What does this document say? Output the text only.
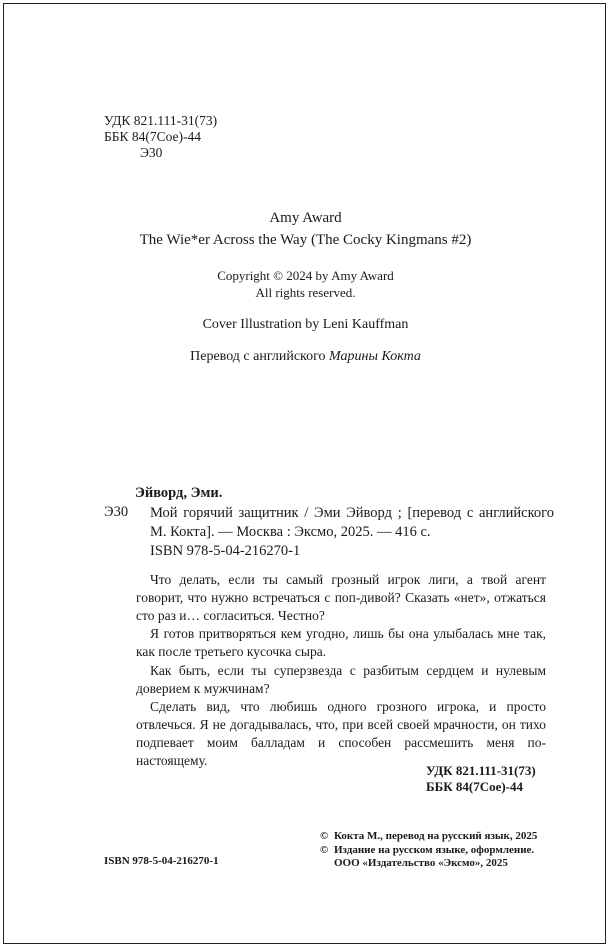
УДК 821.111-31(73)
ББК 84(7Сое)-44
Э30
Amy Award
The Wie*er Across the Way (The Cocky Kingmans #2)
Copyright © 2024 by Amy Award
All rights reserved.
Cover Illustration by Leni Kauffman
Перевод с английского Марины Кокта
Эйворд, Эми.
Э30 Мой горячий защитник / Эми Эйворд ; [перевод с английского М. Кокта]. — Москва : Эксмо, 2025. — 416 с.
ISBN 978-5-04-216270-1

Что делать, если ты самый грозный игрок лиги, а твой агент говорит, что нужно встречаться с поп-дивой? Сказать «нет», отжаться сто раз и… согласиться. Честно?

Я готов притворяться кем угодно, лишь бы она улыбалась мне так, как после третьего кусочка сыра.

Как быть, если ты суперзвезда с разбитым сердцем и нулевым доверием к мужчинам?

Сделать вид, что любишь одного грозного игрока, и просто отвлечься. Я не догадывалась, что, при всей своей мрачности, он тихо подпевает моим балладам и способен рассмешить меня по-настоящему.

УДК 821.111-31(73)
ББК 84(7Сое)-44
ISBN 978-5-04-216270-1
© Кокта М., перевод на русский язык, 2025
© Издание на русском языке, оформление.
ООО «Издательство «Эксмо», 2025
